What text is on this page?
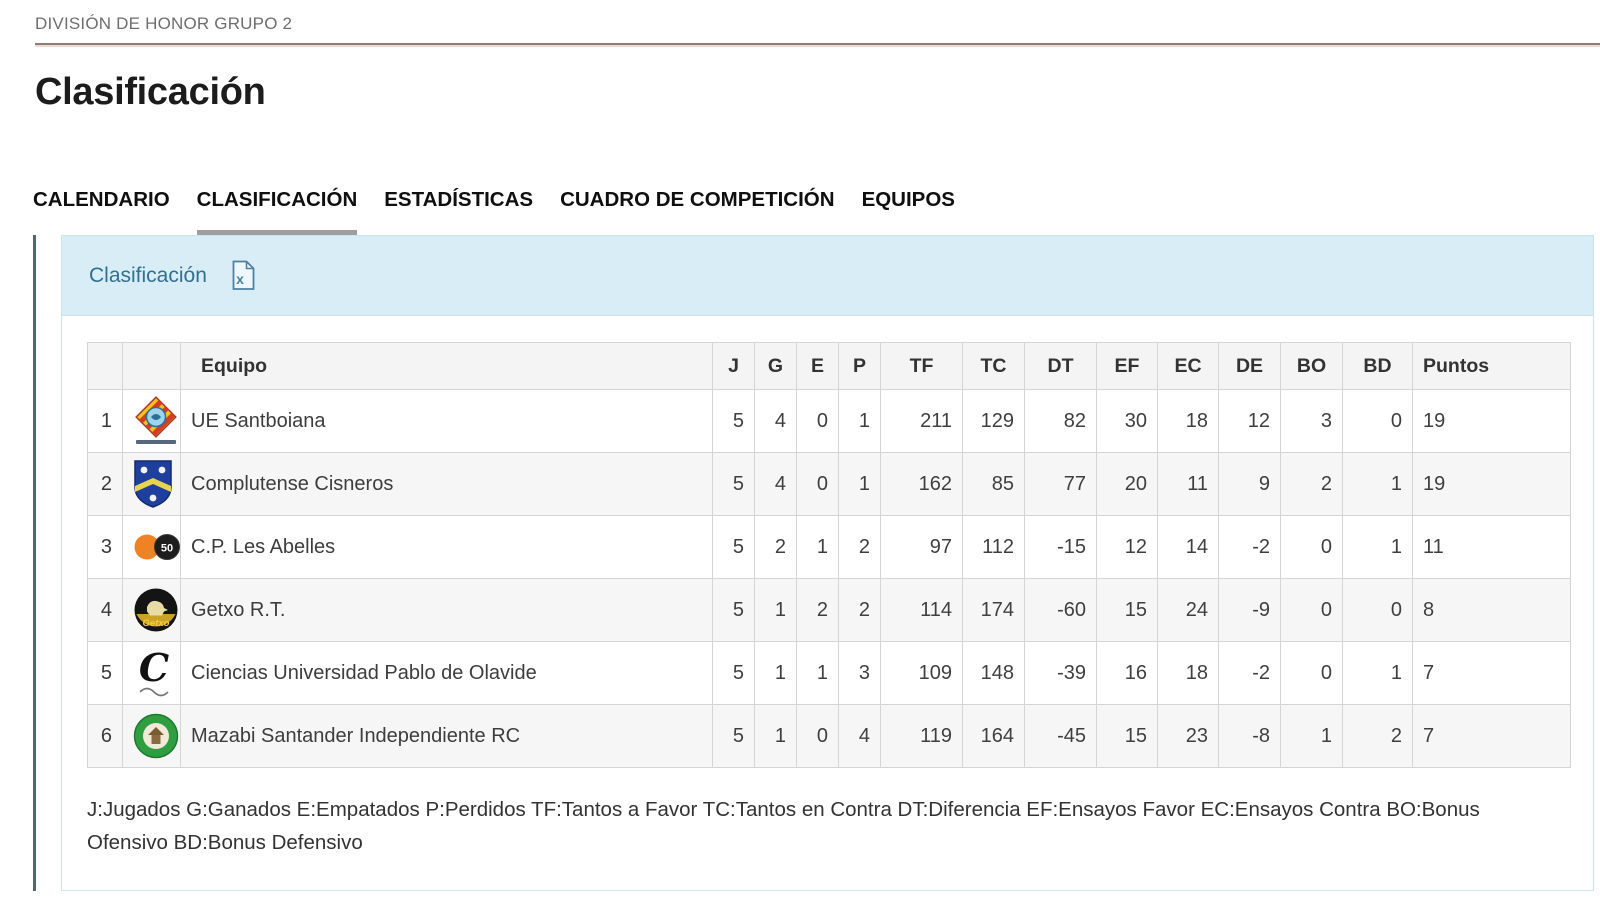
DIVISIÓN DE HONOR GRUPO 2
Clasificación
CALENDARIO CLASIFICACIÓN ESTADÍSTICAS CUADRO DE COMPETICIÓN EQUIPOS
Clasificación x
		Equipo	J	G	E	P	TF	TC	DT	EF	EC	DE	BO	BD	Puntos
1		UE Santboiana	5	4	0	1	211	129	82	30	18	12	3	0	19
2		Complutense Cisneros	5	4	0	1	162	85	77	20	11	9	2	1	19
3	50	C.P. Les Abelles	5	2	1	2	97	112	-15	12	14	-2	0	1	11
4	Getxo	Getxo R.T.	5	1	2	2	114	174	-60	15	24	-9	0	0	8
5	C	Ciencias Universidad Pablo de Olavide	5	1	1	3	109	148	-39	16	18	-2	0	1	7
6		Mazabi Santander Independiente RC	5	1	0	4	119	164	-45	15	23	-8	1	2	7
J:Jugados G:Ganados E:Empatados P:Perdidos TF:Tantos a Favor TC:Tantos en Contra DT:Diferencia EF:Ensayos Favor EC:Ensayos Contra BO:Bonus Ofensivo BD:Bonus Defensivo
